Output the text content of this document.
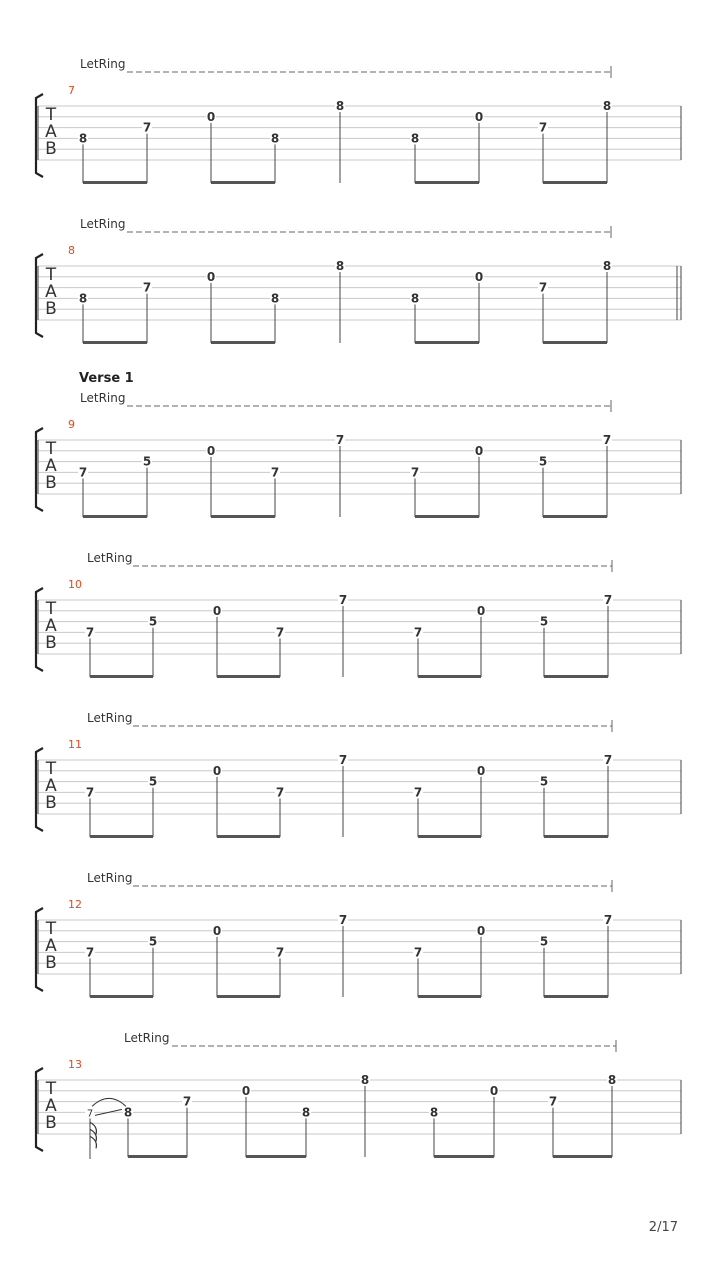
LetRing
7
T
A
B
8
7
0
8
8
8
0
7
8
LetRing
8
T
A
B
8
7
0
8
8
8
0
7
8
Verse 1
LetRing
9
T
A
B
7
5
0
7
7
7
0
5
7
LetRing
10
T
A
B
7
5
0
7
7
7
0
5
7
LetRing
11
T
A
B
7
5
0
7
7
7
0
5
7
LetRing
12
T
A
B
7
5
0
7
7
7
0
5
7
LetRing
13
T
A
B
8
7
0
8
8
8
0
7
8
7
2/17
